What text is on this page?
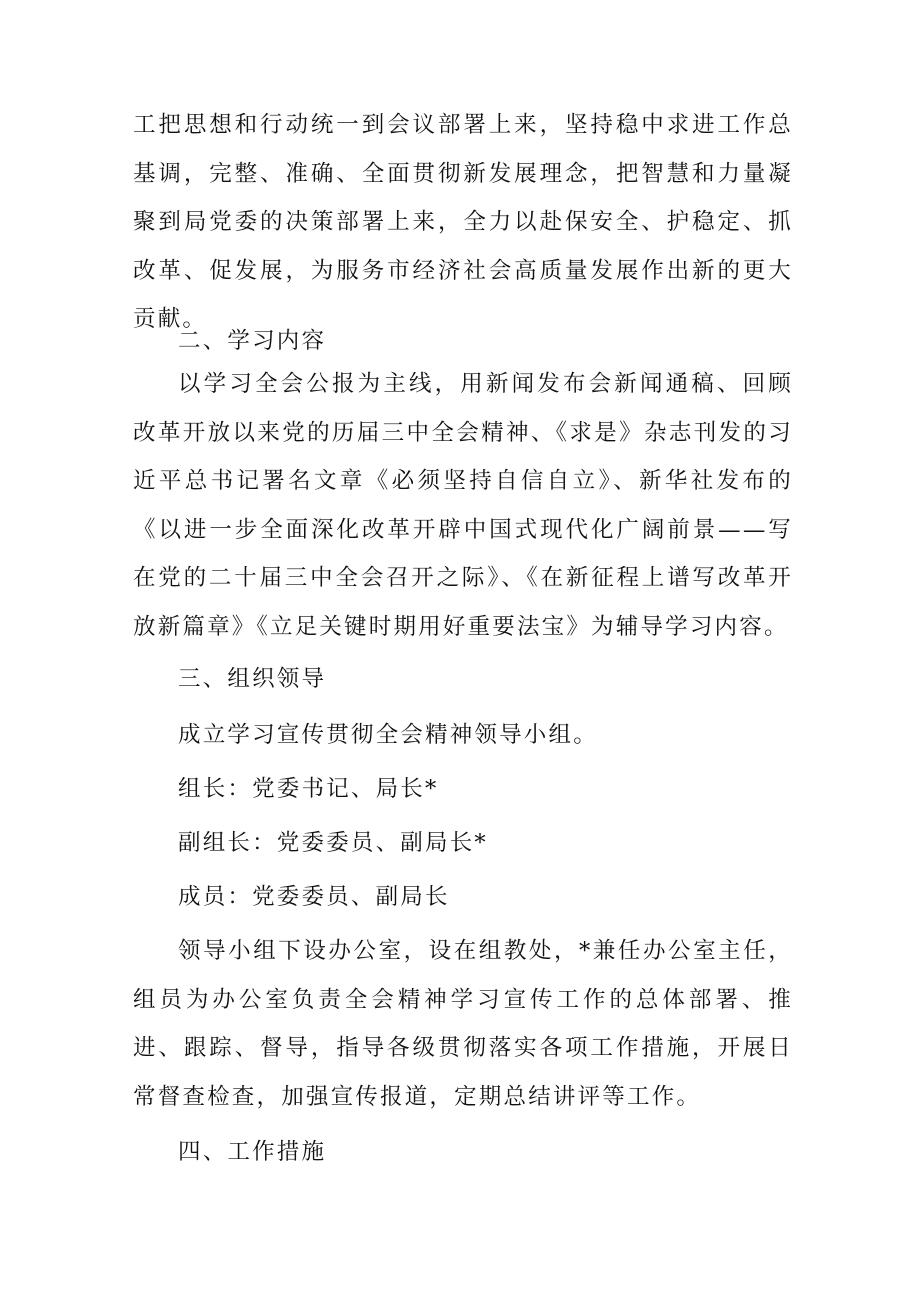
工把思想和行动统一到会议部署上来，坚持稳中求进工作总基调，完整、准确、全面贯彻新发展理念，把智慧和力量凝聚到局党委的决策部署上来，全力以赴保安全、护稳定、抓改革、促发展，为服务市经济社会高质量发展作出新的更大贡献。

二、学习内容

以学习全会公报为主线，用新闻发布会新闻通稿、回顾改革开放以来党的历届三中全会精神、《求是》杂志刊发的习近平总书记署名文章《必须坚持自信自立》、新华社发布的《以进一步全面深化改革开辟中国式现代化广阔前景——写在党的二十届三中全会召开之际》、《在新征程上谱写改革开放新篇章》《立足关键时期用好重要法宝》为辅导学习内容。

三、组织领导

成立学习宣传贯彻全会精神领导小组。

组长：党委书记、局长*

副组长：党委委员、副局长*

成员：党委委员、副局长

领导小组下设办公室，设在组教处，*兼任办公室主任，组员为办公室负责全会精神学习宣传工作的总体部署、推进、跟踪、督导，指导各级贯彻落实各项工作措施，开展日常督查检查，加强宣传报道，定期总结讲评等工作。

四、工作措施
